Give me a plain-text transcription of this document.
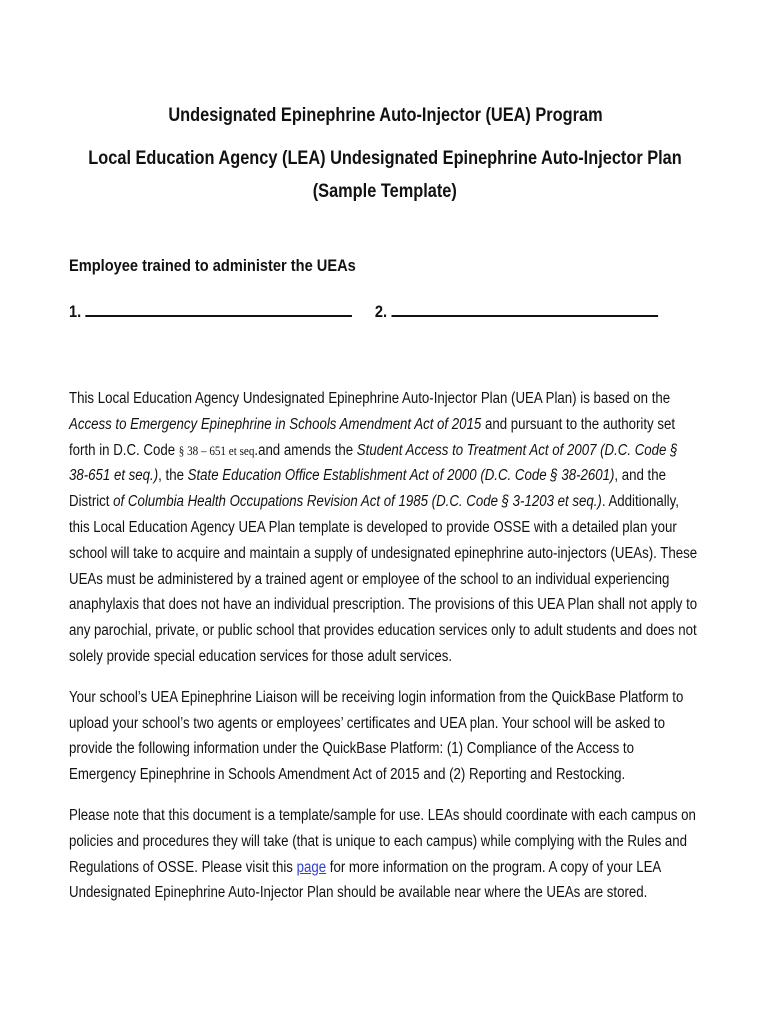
Undesignated Epinephrine Auto-Injector (UEA) Program
Local Education Agency (LEA) Undesignated Epinephrine Auto-Injector Plan
(Sample Template)
Employee trained to administer the UEAs
1.	2.

This Local Education Agency Undesignated Epinephrine Auto-Injector Plan (UEA Plan) is based on the Access to Emergency Epinephrine in Schools Amendment Act of 2015 and pursuant to the authority set forth in D.C. Code § 38 – 651 et seq.and amends the Student Access to Treatment Act of 2007 (D.C. Code § 38-651 et seq.), the State Education Office Establishment Act of 2000 (D.C. Code § 38-2601), and the District of Columbia Health Occupations Revision Act of 1985 (D.C. Code § 3-1203 et seq.). Additionally, this Local Education Agency UEA Plan template is developed to provide OSSE with a detailed plan your school will take to acquire and maintain a supply of undesignated epinephrine auto-injectors (UEAs). These UEAs must be administered by a trained agent or employee of the school to an individual experiencing anaphylaxis that does not have an individual prescription. The provisions of this UEA Plan shall not apply to any parochial, private, or public school that provides education services only to adult students and does not solely provide special education services for those adult services.

Your school’s UEA Epinephrine Liaison will be receiving login information from the QuickBase Platform to upload your school’s two agents or employees’ certificates and UEA plan. Your school will be asked to provide the following information under the QuickBase Platform: (1) Compliance of the Access to Emergency Epinephrine in Schools Amendment Act of 2015 and (2) Reporting and Restocking.

Please note that this document is a template/sample for use. LEAs should coordinate with each campus on policies and procedures they will take (that is unique to each campus) while complying with the Rules and Regulations of OSSE. Please visit this page for more information on the program. A copy of your LEA Undesignated Epinephrine Auto-Injector Plan should be available near where the UEAs are stored.
